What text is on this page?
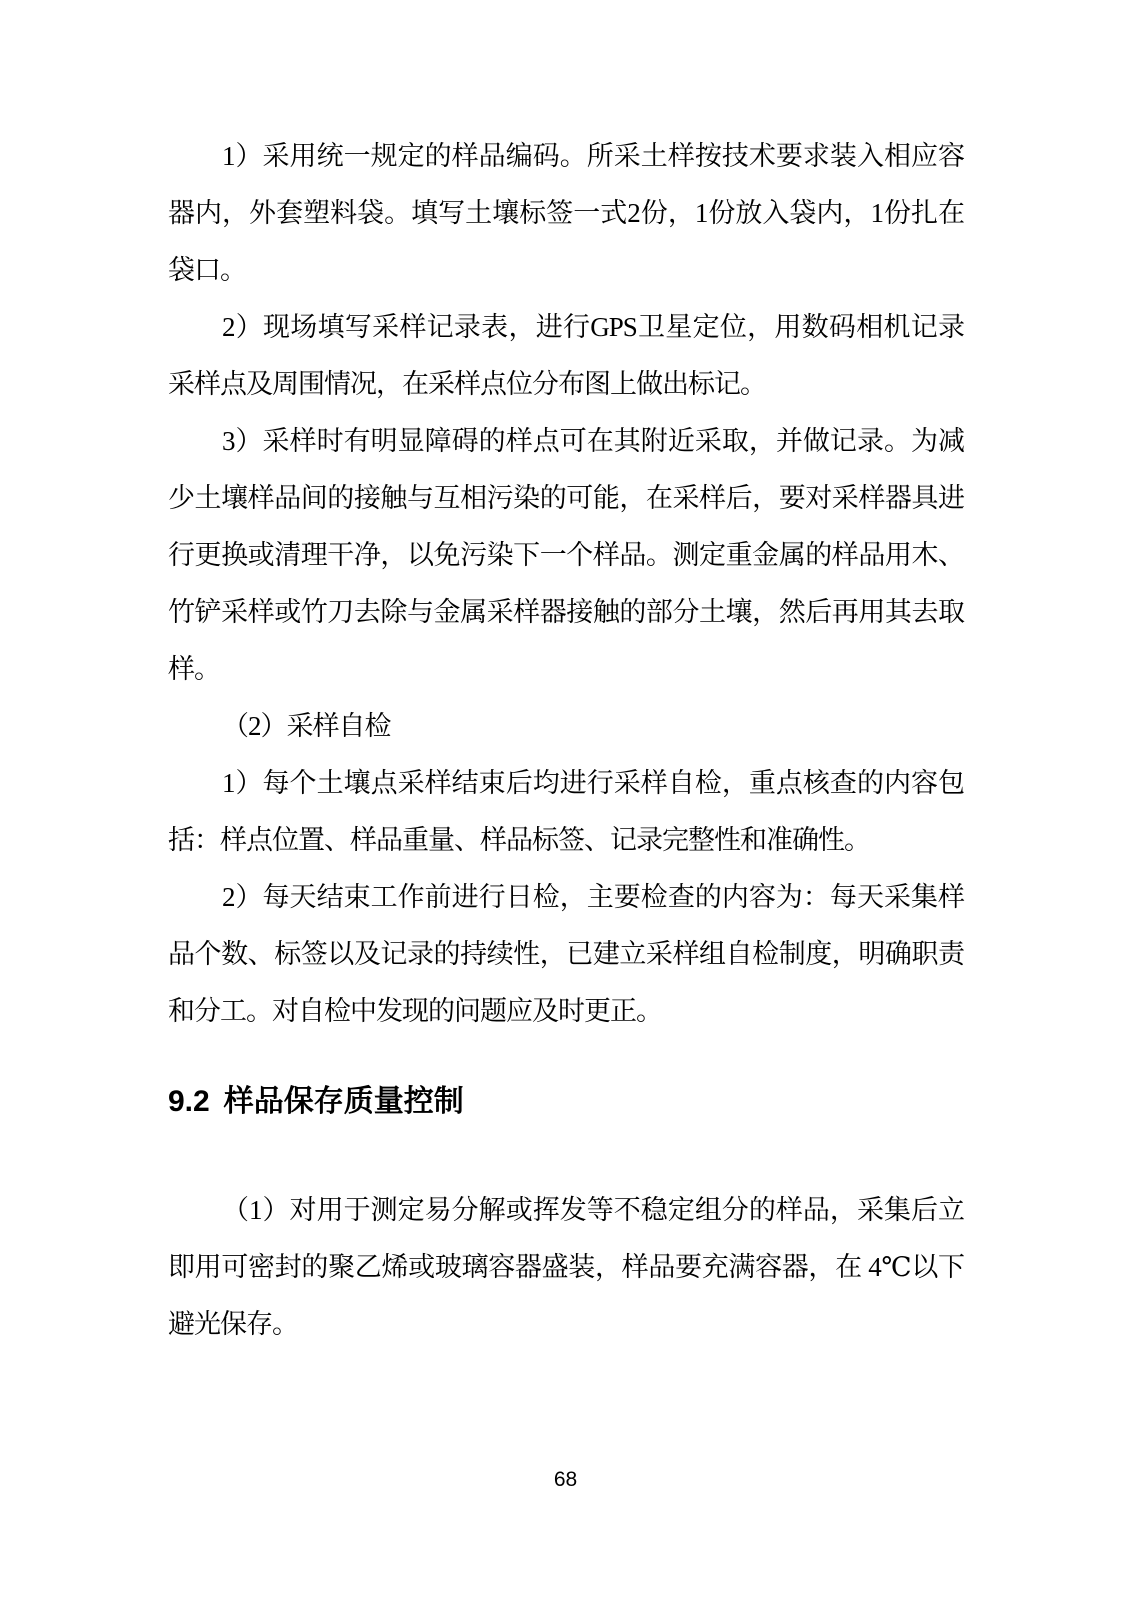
1）采用统一规定的样品编码。所采土样按技术要求装入相应容
器内，外套塑料袋。填写土壤标签一式2份，1份放入袋内，1份扎在
袋口。
2）现场填写采样记录表，进行GPS卫星定位，用数码相机记录
采样点及周围情况，在采样点位分布图上做出标记。
3）采样时有明显障碍的样点可在其附近采取，并做记录。为减
少土壤样品间的接触与互相污染的可能，在采样后，要对采样器具进
行更换或清理干净，以免污染下一个样品。测定重金属的样品用木、
竹铲采样或竹刀去除与金属采样器接触的部分土壤，然后再用其去取
样。
（2）采样自检
1）每个土壤点采样结束后均进行采样自检，重点核查的内容包
括：样点位置、样品重量、样品标签、记录完整性和准确性。
2）每天结束工作前进行日检，主要检查的内容为：每天采集样
品个数、标签以及记录的持续性，已建立采样组自检制度，明确职责
和分工。对自检中发现的问题应及时更正。
9.2 样品保存质量控制
（1）对用于测定易分解或挥发等不稳定组分的样品，采集后立
即用可密封的聚乙烯或玻璃容器盛装，样品要充满容器，在 4℃以下
避光保存。
68
